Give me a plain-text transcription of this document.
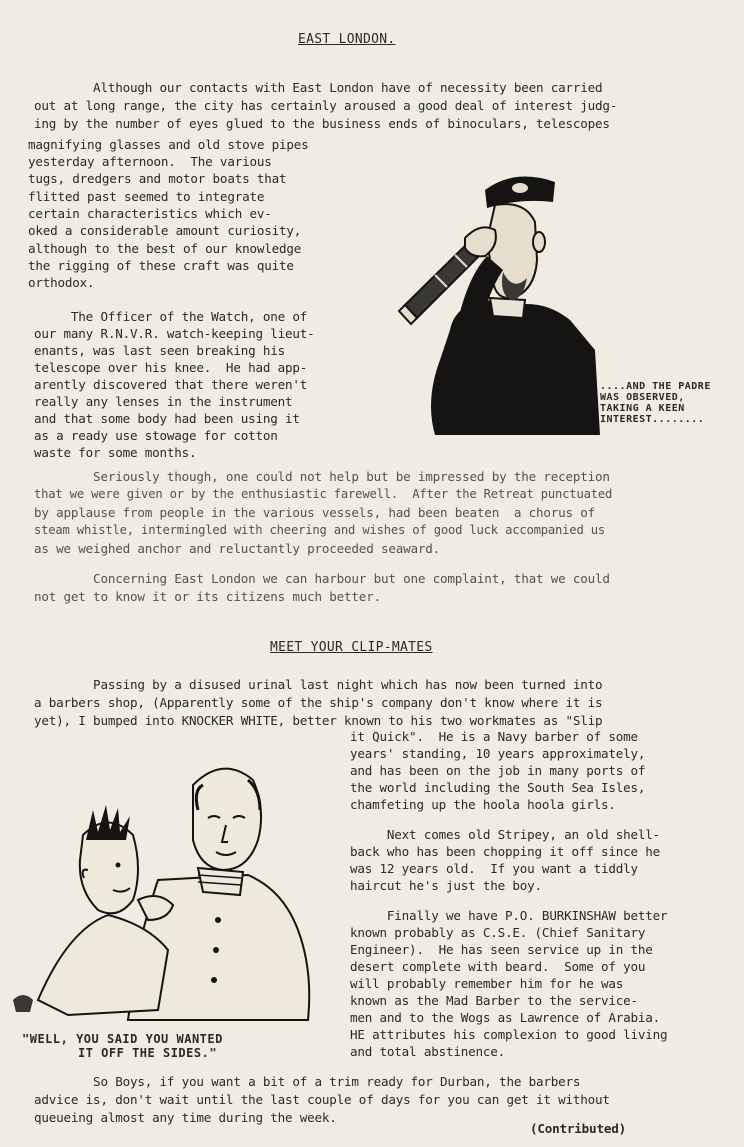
EAST LONDON.
Although our contacts with East London have of necessity been carried
out at long range, the city has certainly aroused a good deal of interest judg-
ing by the number of eyes glued to the business ends of binoculars, telescopes
magnifying glasses and old stove pipes
yesterday afternoon.  The various
tugs, dredgers and motor boats that
flitted past seemed to integrate
certain characteristics which ev-
oked a considerable amount curiosity,
although to the best of our knowledge
the rigging of these craft was quite
orthodox.
The Officer of the Watch, one of
our many R.N.V.R. watch-keeping lieut-
enants, was last seen breaking his
telescope over his knee.  He had app-
arently discovered that there weren't
really any lenses in the instrument
and that some body had been using it
as a ready use stowage for cotton
waste for some months.
Seriously though, one could not help but be impressed by the reception
that we were given or by the enthusiastic farewell.  After the Retreat punctuated
by applause from people in the various vessels, had been beaten  a chorus of
steam whistle, intermingled with cheering and wishes of good luck accompanied us
as we weighed anchor and reluctantly proceeded seaward.
Concerning East London we can harbour but one complaint, that we could
not get to know it or its citizens much better.
....AND THE PADRE
WAS OBSERVED,
TAKING A KEEN
INTEREST........
MEET YOUR CLIP-MATES
Passing by a disused urinal last night which has now been turned into
a barbers shop, (Apparently some of the ship's company don't know where it is
yet), I bumped into KNOCKER WHITE, better known to his two workmates as "Slip
it Quick".  He is a Navy barber of some
years' standing, 10 years approximately,
and has been on the job in many ports of
the world including the South Sea Isles,
chamfeting up the hoola hoola girls.
Next comes old Stripey, an old shell-
back who has been chopping it off since he
was 12 years old.  If you want a tiddly
haircut he's just the boy.
Finally we have P.O. BURKINSHAW better
known probably as C.S.E. (Chief Sanitary
Engineer).  He has seen service up in the
desert complete with beard.  Some of you
will probably remember him for he was
known as the Mad Barber to the service-
men and to the Wogs as Lawrence of Arabia.
HE attributes his complexion to good living
and total abstinence.
So Boys, if you want a bit of a trim ready for Durban, the barbers
advice is, don't wait until the last couple of days for you can get it without
queueing almost any time during the week.
(Contributed)
"WELL, YOU SAID YOU WANTED
IT OFF THE SIDES."
